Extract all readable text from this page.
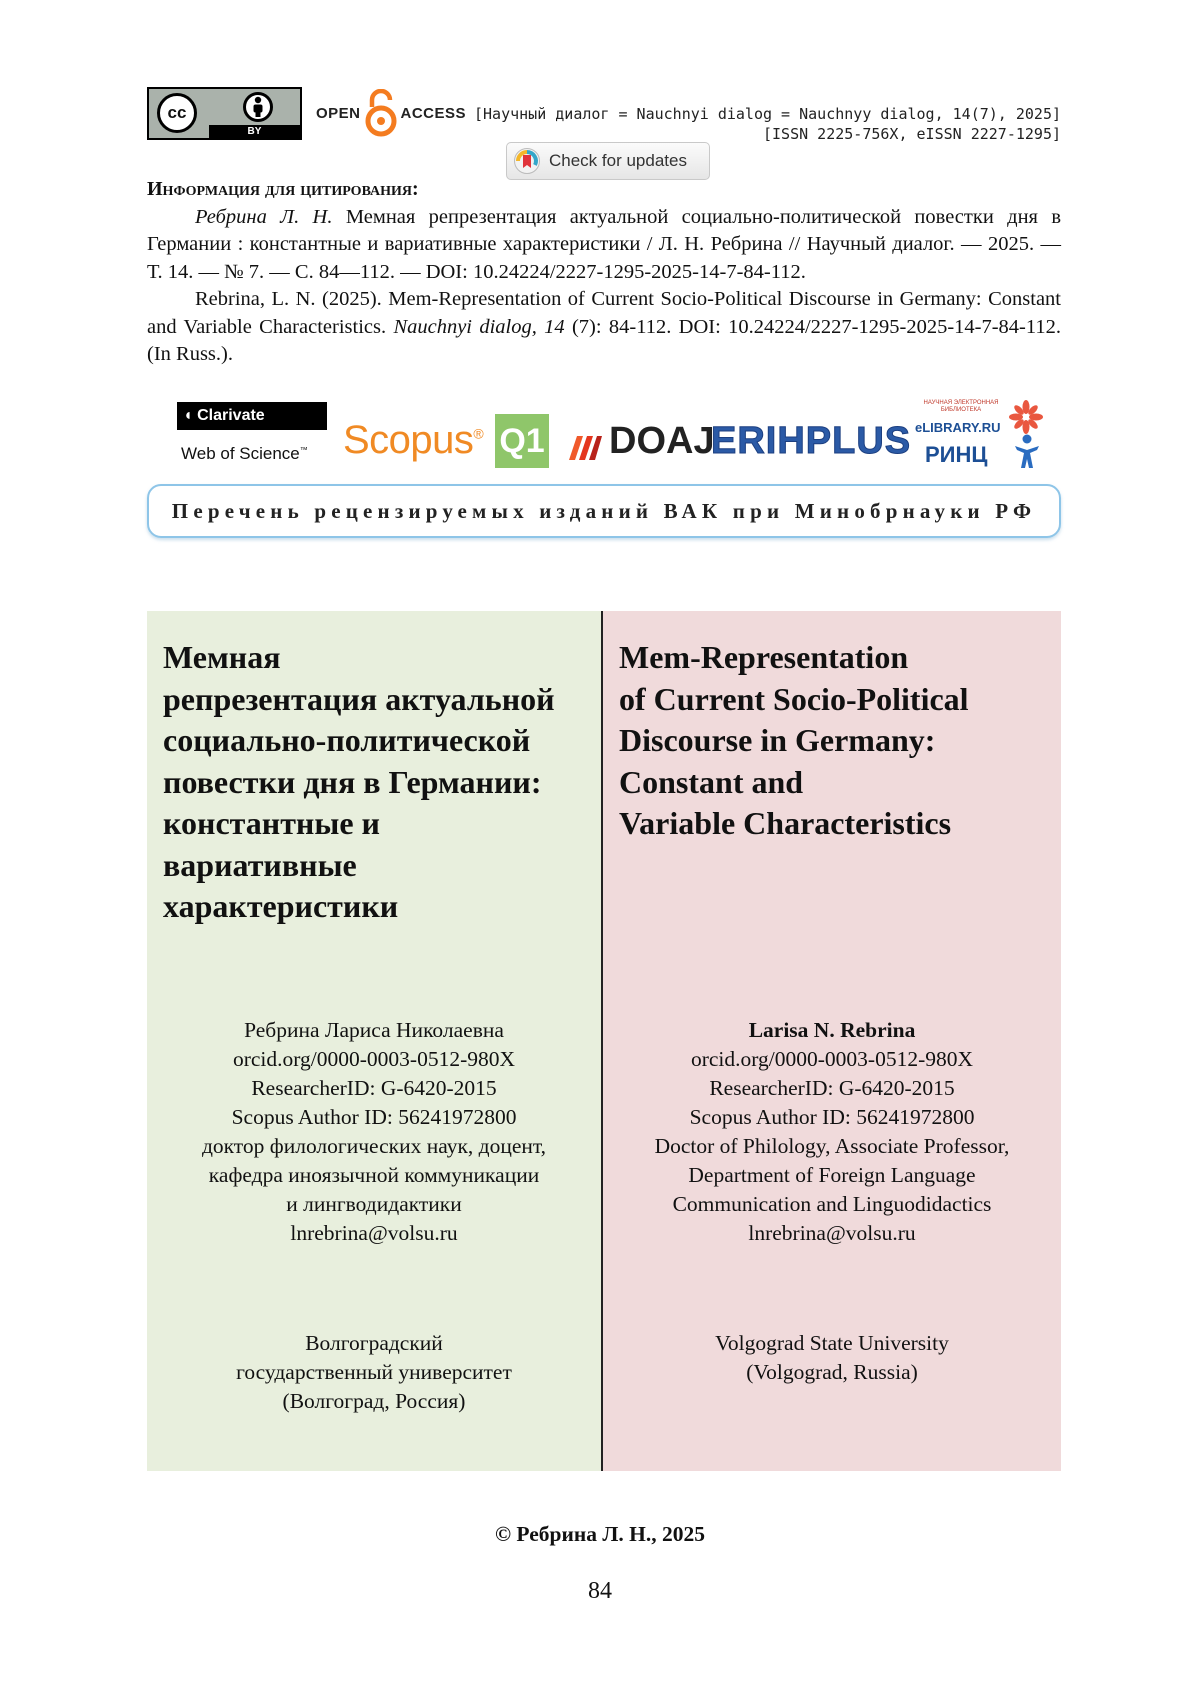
cc
BY
OPEN	ACCESS [Научный диалог = Nauchnyi dialog = Nauchnyy dialog, 14(7), 2025]
[ISSN 2225-756X, eISSN 2227-1295]
Check for updates
Информация для цитирования:

Ребрина Л. Н. Мемная репрезентация актуальной социально-политической повестки дня в Германии : константные и вариативные характеристики / Л. Н. Ребрина // Научный диалог. — 2025. — Т. 14. — № 7. — С. 84—112. — DOI: 10.24224/2227-1295-2025-14-7-84-112.

Rebrina, L. N. (2025). Mem-Representation of Current Socio-Political Discourse in Germany: Constant and Variable Characteristics. Nauchnyi dialog, 14 (7): 84-112. DOI: 10.24224/2227-1295-2025-14-7-84-112. (In Russ.).

◖ Clarivate
Web of Science™ Scopus® Q1 DOAJ
ERIHPLUS
НАУЧНАЯ ЭЛЕКТРОННАЯ БИБЛИОТЕКА
eLIBRARY.RU
РИНЦ
Перечень рецензируемых изданий ВАК при Минобрнауки РФ
Мемная
репрезентация актуальной
социально-политической
повестки дня в Германии:
константные и
вариативные
характеристики
Ребрина Лариса Николаевна
orcid.org/0000-0003-0512-980X
ResearcherID: G-6420-2015
Scopus Author ID: 56241972800
доктор филологических наук, доцент,
кафедра иноязычной коммуникации
и лингводидактики
lnrebrina@volsu.ru
Волгоградский
государственный университет
(Волгоград, Россия)
Mem-Representation
of Current Socio-Political
Discourse in Germany:
Constant and
Variable Characteristics
Larisa N. Rebrina
orcid.org/0000-0003-0512-980X
ResearcherID: G-6420-2015
Scopus Author ID: 56241972800
Doctor of Philology, Associate Professor,
Department of Foreign Language
Communication and Linguodidactics
lnrebrina@volsu.ru
Volgograd State University
(Volgograd, Russia)
© Ребрина Л. Н., 2025
84
